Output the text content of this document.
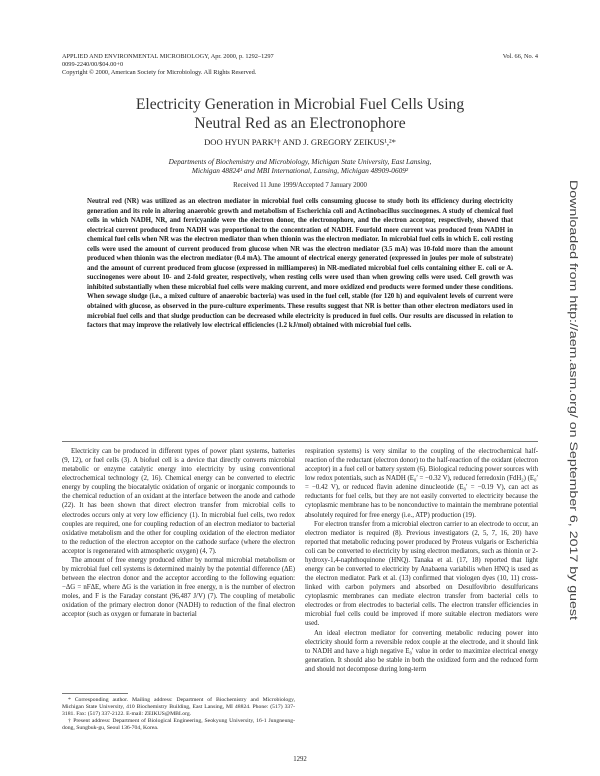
APPLIED AND ENVIRONMENTAL MICROBIOLOGY, Apr. 2000, p. 1292–1297
0099-2240/00/$04.00+0
Copyright © 2000, American Society for Microbiology. All Rights Reserved.
Vol. 66, No. 4
Electricity Generation in Microbial Fuel Cells Using
Neutral Red as an Electronophore
DOO HYUN PARK¹† AND J. GREGORY ZEIKUS¹,²*
Departments of Biochemistry and Microbiology, Michigan State University, East Lansing,
Michigan 48824¹ and MBI International, Lansing, Michigan 48909-0609²
Received 11 June 1999/Accepted 7 January 2000
Neutral red (NR) was utilized as an electron mediator in microbial fuel cells consuming glucose to study both its efficiency during electricity generation and its role in altering anaerobic growth and metabolism of Escherichia coli and Actinobacillus succinogenes. A study of chemical fuel cells in which NADH, NR, and ferricyanide were the electron donor, the electronophore, and the electron acceptor, respectively, showed that electrical current produced from NADH was proportional to the concentration of NADH. Fourfold more current was produced from NADH in chemical fuel cells when NR was the electron mediator than when thionin was the electron mediator. In microbial fuel cells in which E. coli resting cells were used the amount of current produced from glucose when NR was the electron mediator (3.5 mA) was 10-fold more than the amount produced when thionin was the electron mediator (0.4 mA). The amount of electrical energy generated (expressed in joules per mole of substrate) and the amount of current produced from glucose (expressed in milliamperes) in NR-mediated microbial fuel cells containing either E. coli or A. succinogenes were about 10- and 2-fold greater, respectively, when resting cells were used than when growing cells were used. Cell growth was inhibited substantially when these microbial fuel cells were making current, and more oxidized end products were formed under these conditions. When sewage sludge (i.e., a mixed culture of anaerobic bacteria) was used in the fuel cell, stable (for 120 h) and equivalent levels of current were obtained with glucose, as observed in the pure-culture experiments. These results suggest that NR is better than other electron mediators used in microbial fuel cells and that sludge production can be decreased while electricity is produced in fuel cells. Our results are discussed in relation to factors that may improve the relatively low electrical efficiencies (1.2 kJ/mol) obtained with microbial fuel cells.

Electricity can be produced in different types of power plant systems, batteries (9, 12), or fuel cells (3). A biofuel cell is a device that directly converts microbial metabolic or enzyme catalytic energy into electricity by using conventional electrochemical technology (2, 16). Chemical energy can be converted to electric energy by coupling the biocatalytic oxidation of organic or inorganic compounds to the chemical reduction of an oxidant at the interface between the anode and cathode (22). It has been shown that direct electron transfer from microbial cells to electrodes occurs only at very low efficiency (1). In microbial fuel cells, two redox couples are required, one for coupling reduction of an electron mediator to bacterial oxidative metabolism and the other for coupling oxidation of the electron mediator to the reduction of the electron acceptor on the cathode surface (where the electron acceptor is regenerated with atmospheric oxygen) (4, 7).

The amount of free energy produced either by normal microbial metabolism or by microbial fuel cell systems is determined mainly by the potential difference (ΔE) between the electron donor and the acceptor according to the following equation: −ΔG = nFΔE, where ΔG is the variation in free energy, n is the number of electron moles, and F is the Faraday constant (96,487 J/V) (7). The coupling of metabolic oxidation of the primary electron donor (NADH) to reduction of the final electron acceptor (such as oxygen or fumarate in bacterial

respiration systems) is very similar to the coupling of the electrochemical half-reaction of the reductant (electron donor) to the half-reaction of the oxidant (electron acceptor) in a fuel cell or battery system (6). Biological reducing power sources with low redox potentials, such as NADH (E₀′ = −0.32 V), reduced ferredoxin (FdH₂) (E₀′ = −0.42 V), or reduced flavin adenine dinucleotide (E₀′ = −0.19 V), can act as reductants for fuel cells, but they are not easily converted to electricity because the cytoplasmic membrane has to be nonconductive to maintain the membrane potential absolutely required for free energy (i.e., ATP) production (19).

For electron transfer from a microbial electron carrier to an electrode to occur, an electron mediator is required (8). Previous investigators (2, 5, 7, 16, 20) have reported that metabolic reducing power produced by Proteus vulgaris or Escherichia coli can be converted to electricity by using electron mediators, such as thionin or 2-hydroxy-1,4-naphthoquinone (HNQ). Tanaka et al. (17, 18) reported that light energy can be converted to electricity by Anabaena variabilis when HNQ is used as the electron mediator. Park et al. (13) confirmed that viologen dyes (10, 11) cross-linked with carbon polymers and absorbed on Desulfovibrio desulfuricans cytoplasmic membranes can mediate electron transfer from bacterial cells to electrodes or from electrodes to bacterial cells. The electron transfer efficiencies in microbial fuel cells could be improved if more suitable electron mediators were used.

An ideal electron mediator for converting metabolic reducing power into electricity should form a reversible redox couple at the electrode, and it should link to NADH and have a high negative E₀′ value in order to maximize electrical energy generation. It should also be stable in both the oxidized form and the reduced form and should not decompose during long-term

* Corresponding author. Mailing address: Department of Biochemistry and Microbiology, Michigan State University, 410 Biochemistry Building, East Lansing, MI 48824. Phone: (517) 337-3181. Fax: (517) 337-2122. E-mail: ZEIKUS@MBI.org.

† Present address: Department of Biological Engineering, Seokyung University, 16-1 Jungneung-dong, Sungbuk-gu, Seoul 136-704, Korea.

1292
Downloaded from http://aem.asm.org/ on September 6, 2017 by guest
